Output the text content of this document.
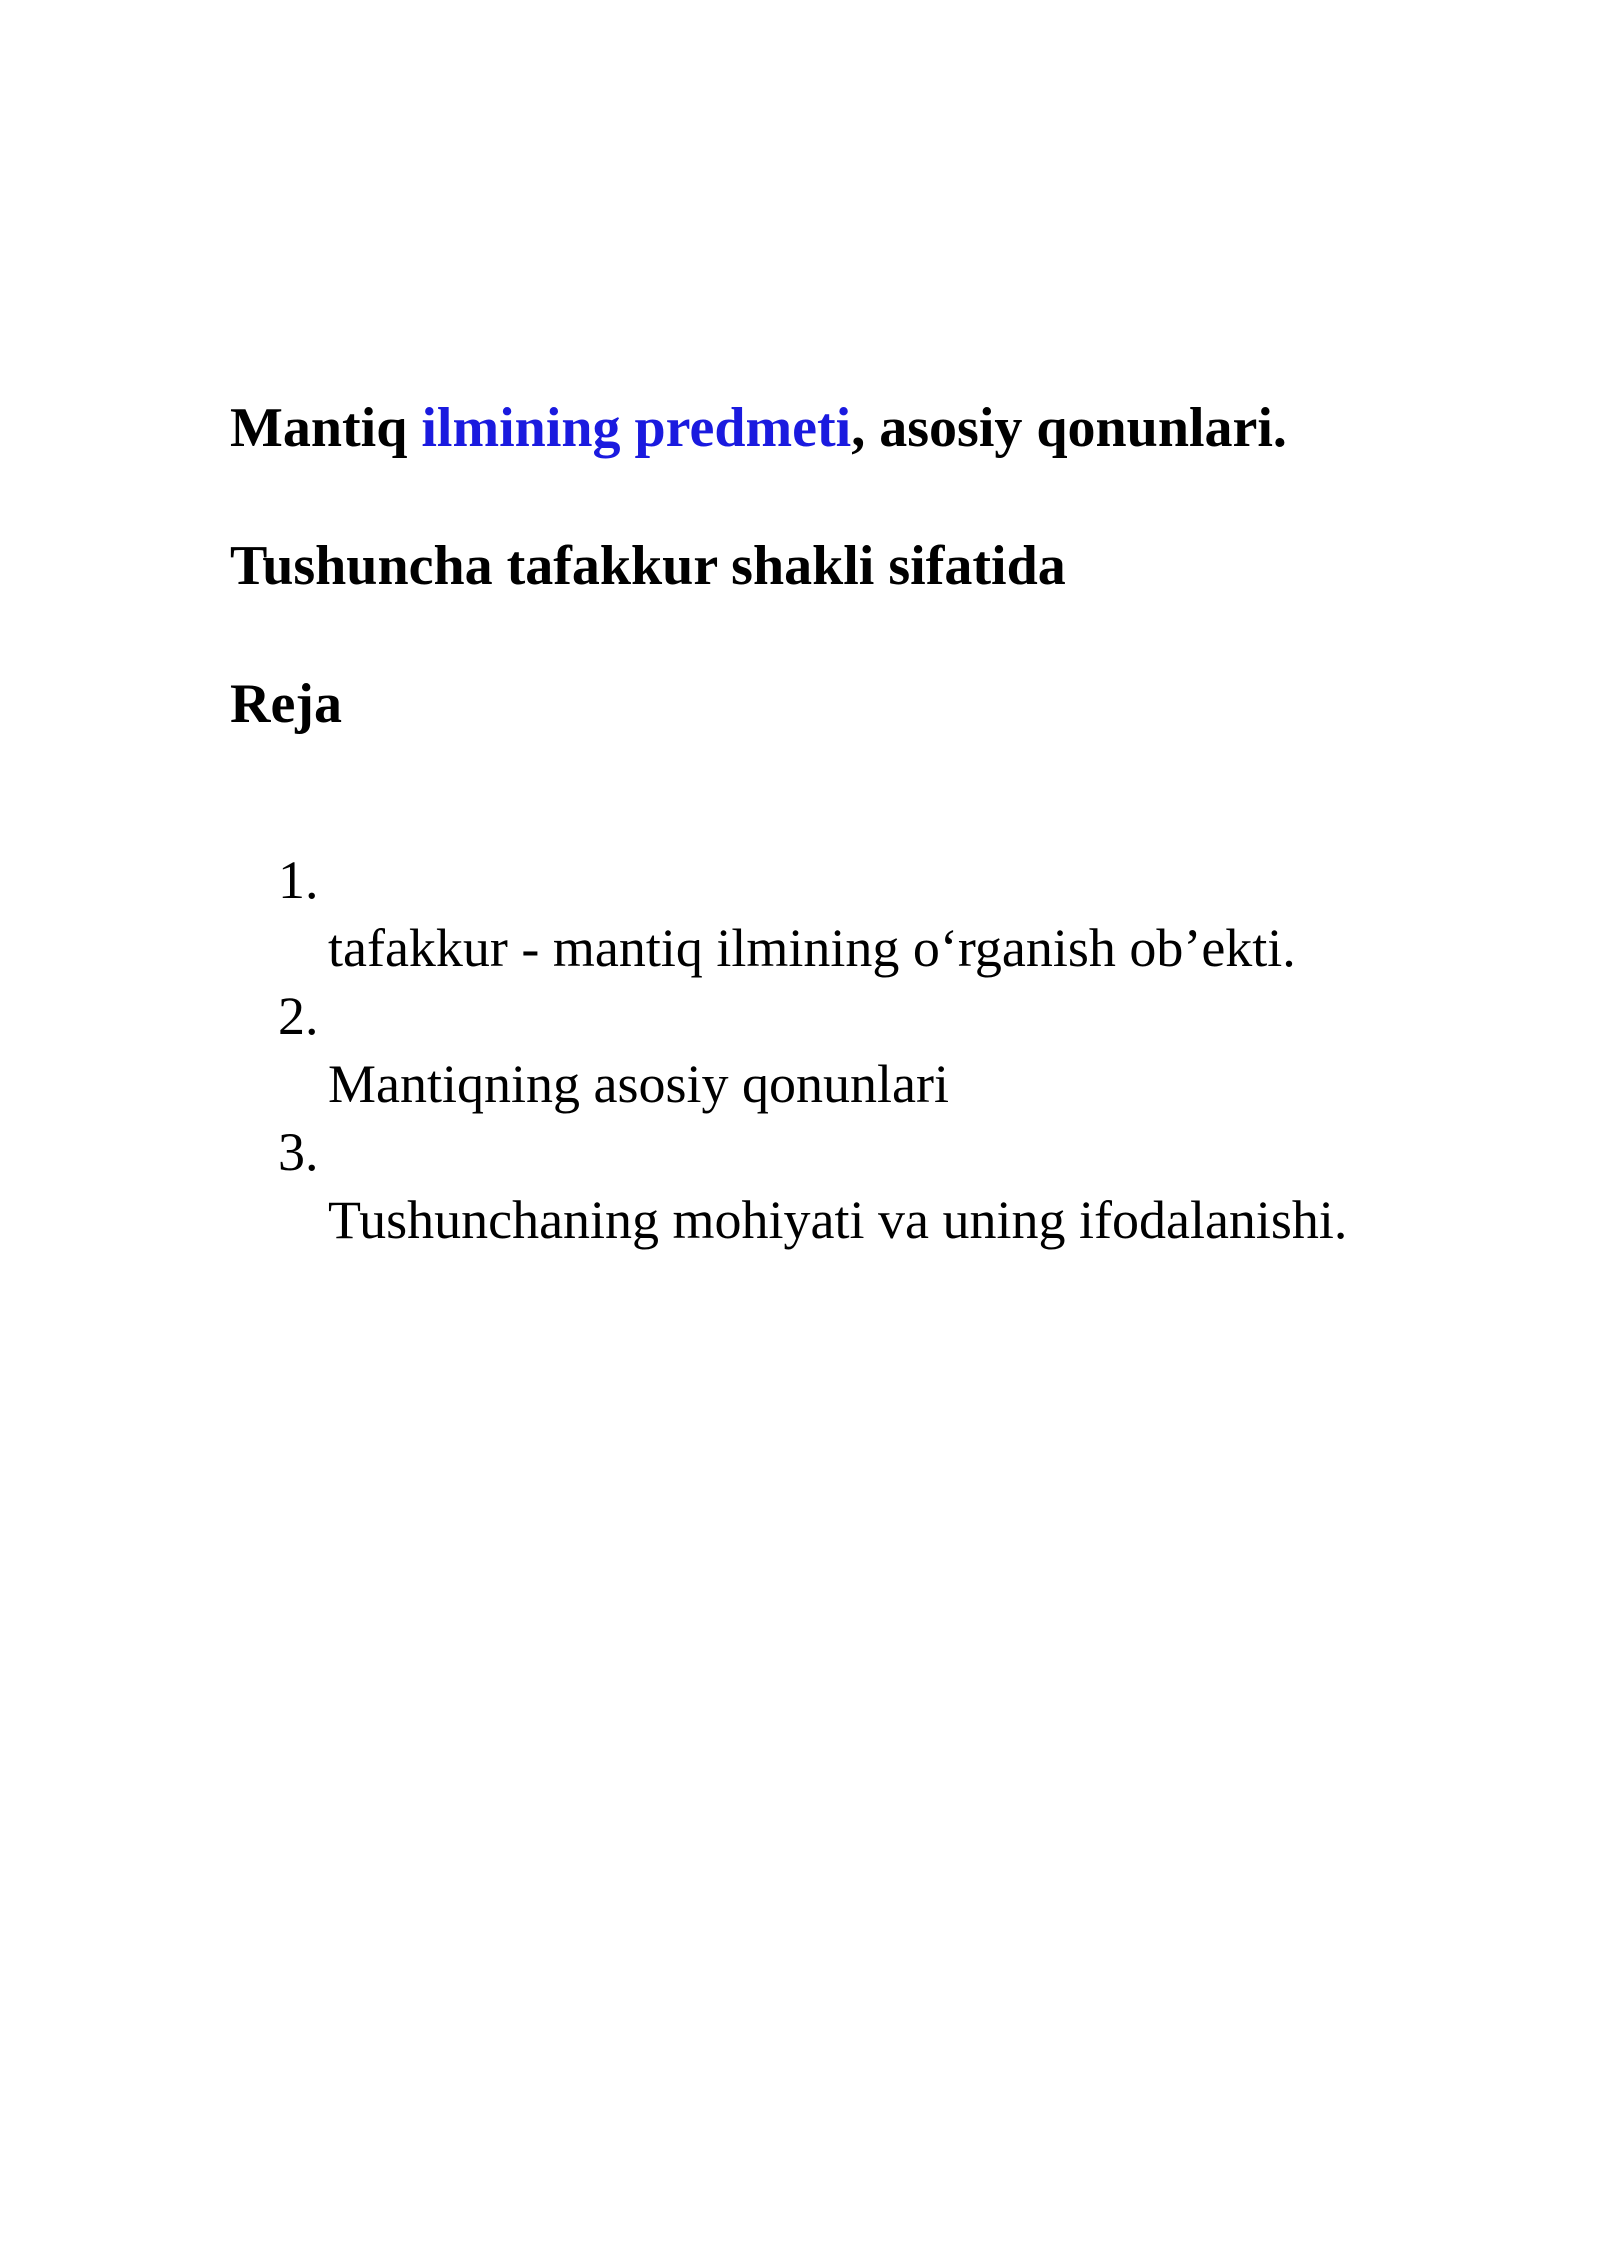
Mantiq ilmining predmeti, asosiy qonunlari.
Tushuncha tafakkur shakli sifatida
Reja
1.
tafakkur - mantiq ilmining o‘rganish ob’ekti.
2.
Mantiqning asosiy qonunlari
3.
Tushunchaning mohiyati va uning ifodalanishi.
